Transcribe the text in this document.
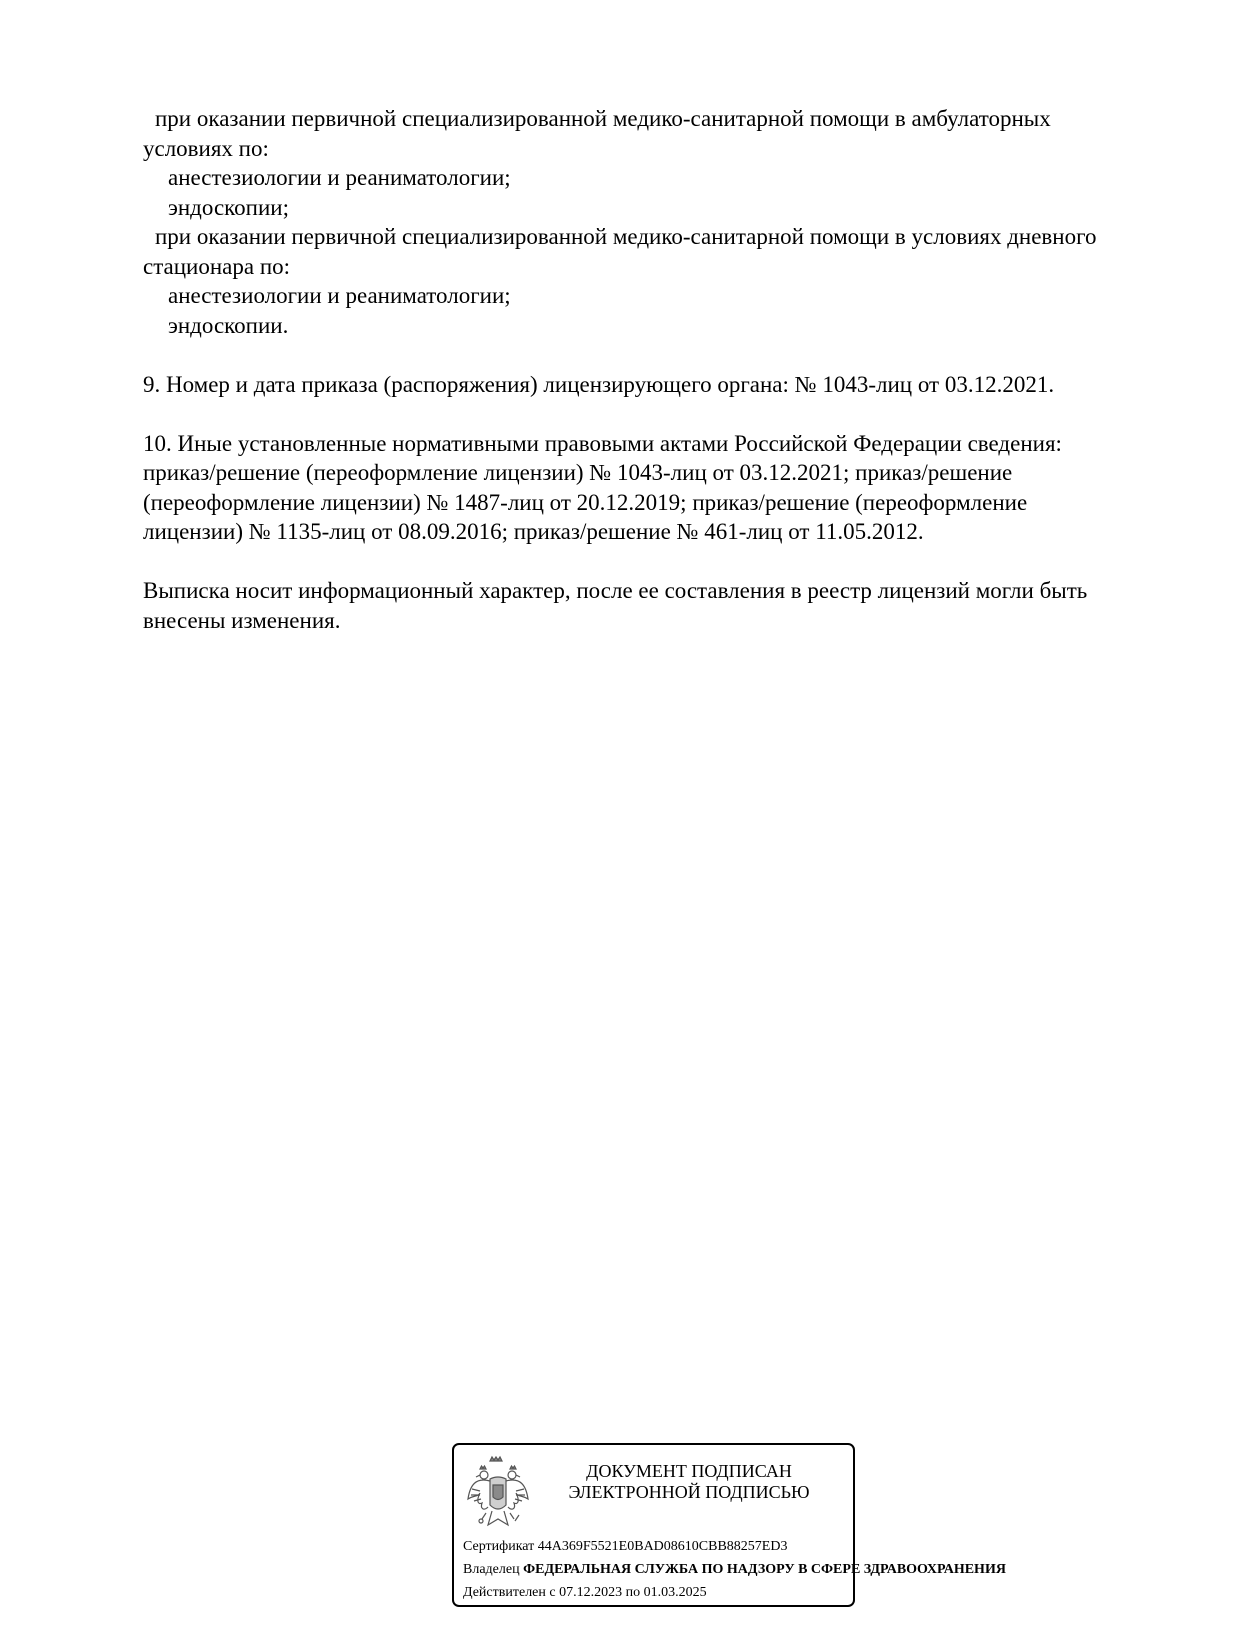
при оказании первичной специализированной медико-санитарной помощи в амбулаторных
условиях по:
анестезиологии и реаниматологии;
эндоскопии;
при оказании первичной специализированной медико-санитарной помощи в условиях дневного
стационара по:
анестезиологии и реаниматологии;
эндоскопии.
9. Номер и дата приказа (распоряжения) лицензирующего органа: № 1043-лиц от 03.12.2021.
10. Иные установленные нормативными правовыми актами Российской Федерации сведения:
приказ/решение (переоформление лицензии) № 1043-лиц от 03.12.2021; приказ/решение
(переоформление лицензии) № 1487-лиц от 20.12.2019; приказ/решение (переоформление
лицензии) № 1135-лиц от 08.09.2016; приказ/решение № 461-лиц от 11.05.2012.
Выписка носит информационный характер, после ее составления в реестр лицензий могли быть
внесены изменения.
ДОКУМЕНТ ПОДПИСАН
ЭЛЕКТРОННОЙ ПОДПИСЬЮ
Сертификат 44A369F5521E0BAD08610CBB88257ED3
Владелец ФЕДЕРАЛЬНАЯ СЛУЖБА ПО НАДЗОРУ В СФЕРЕ ЗДРАВООХРАНЕНИЯ
Действителен с 07.12.2023 по 01.03.2025
